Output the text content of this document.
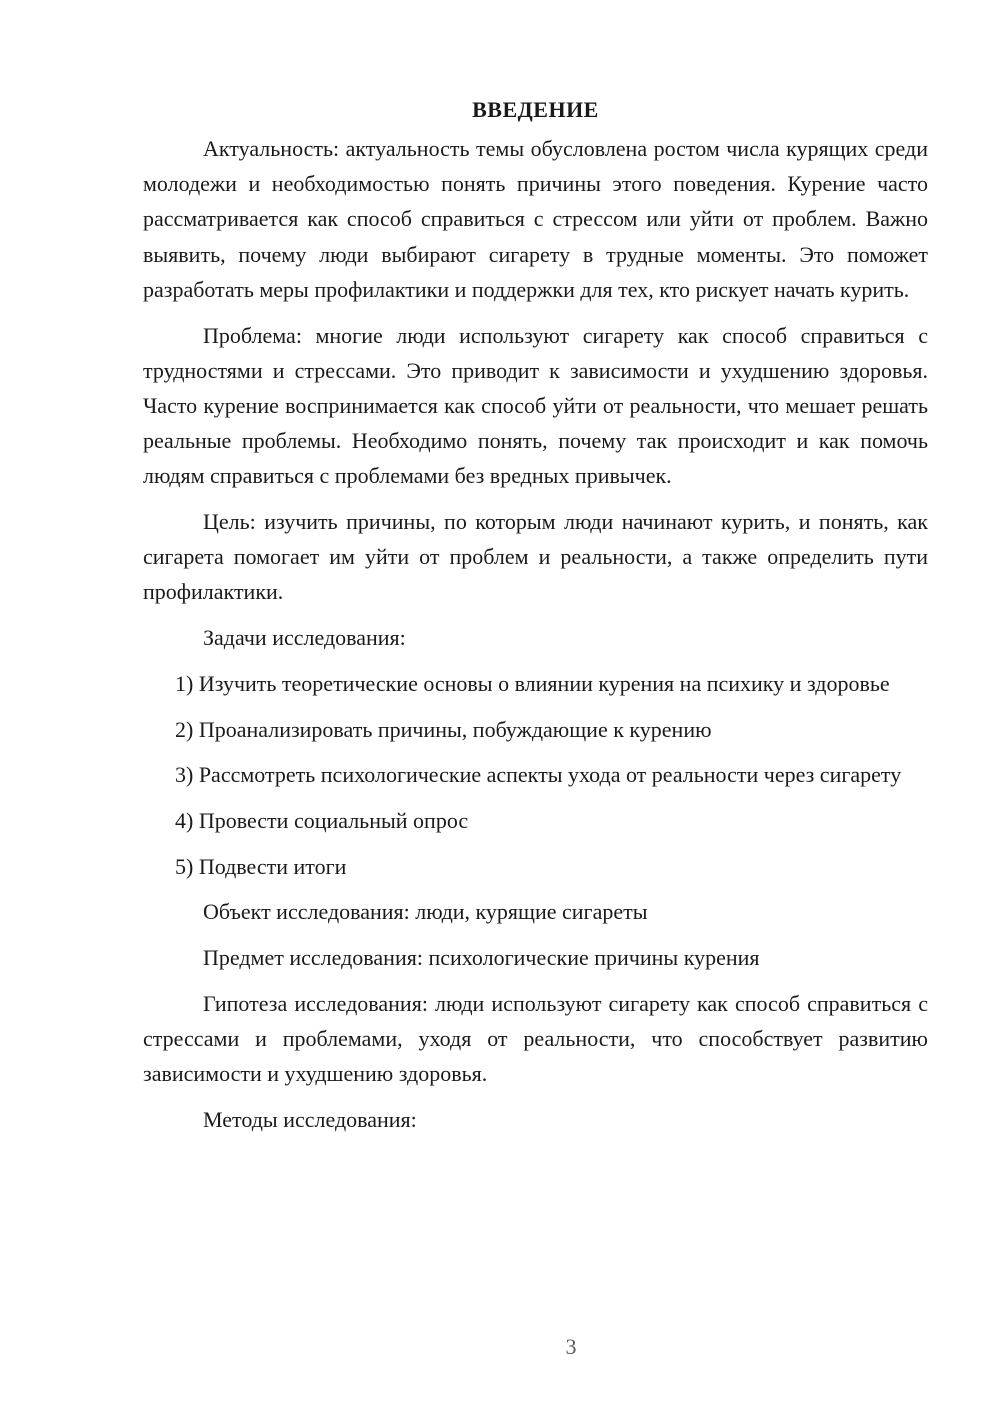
ВВЕДЕНИЕ

Актуальность: актуальность темы обусловлена ростом числа курящих среди молодежи и необходимостью понять причины этого поведения. Курение часто рассматривается как способ справиться с стрессом или уйти от проблем. Важно выявить, почему люди выбирают сигарету в трудные моменты. Это поможет разработать меры профилактики и поддержки для тех, кто рискует начать курить.

Проблема: многие люди используют сигарету как способ справиться с трудностями и стрессами. Это приводит к зависимости и ухудшению здоровья. Часто курение воспринимается как способ уйти от реальности, что мешает решать реальные проблемы. Необходимо понять, почему так происходит и как помочь людям справиться с проблемами без вредных привычек.

Цель: изучить причины, по которым люди начинают курить, и понять, как сигарета помогает им уйти от проблем и реальности, а также определить пути профилактики.

Задачи исследования:

1) Изучить теоретические основы о влиянии курения на психику и здоровье

2) Проанализировать причины, побуждающие к курению

3) Рассмотреть психологические аспекты ухода от реальности через сигарету

4) Провести социальный опрос

5) Подвести итоги

Объект исследования: люди, курящие сигареты

Предмет исследования: психологические причины курения

Гипотеза исследования: люди используют сигарету как способ справиться с стрессами и проблемами, уходя от реальности, что способствует развитию зависимости и ухудшению здоровья.

Методы исследования:

3
